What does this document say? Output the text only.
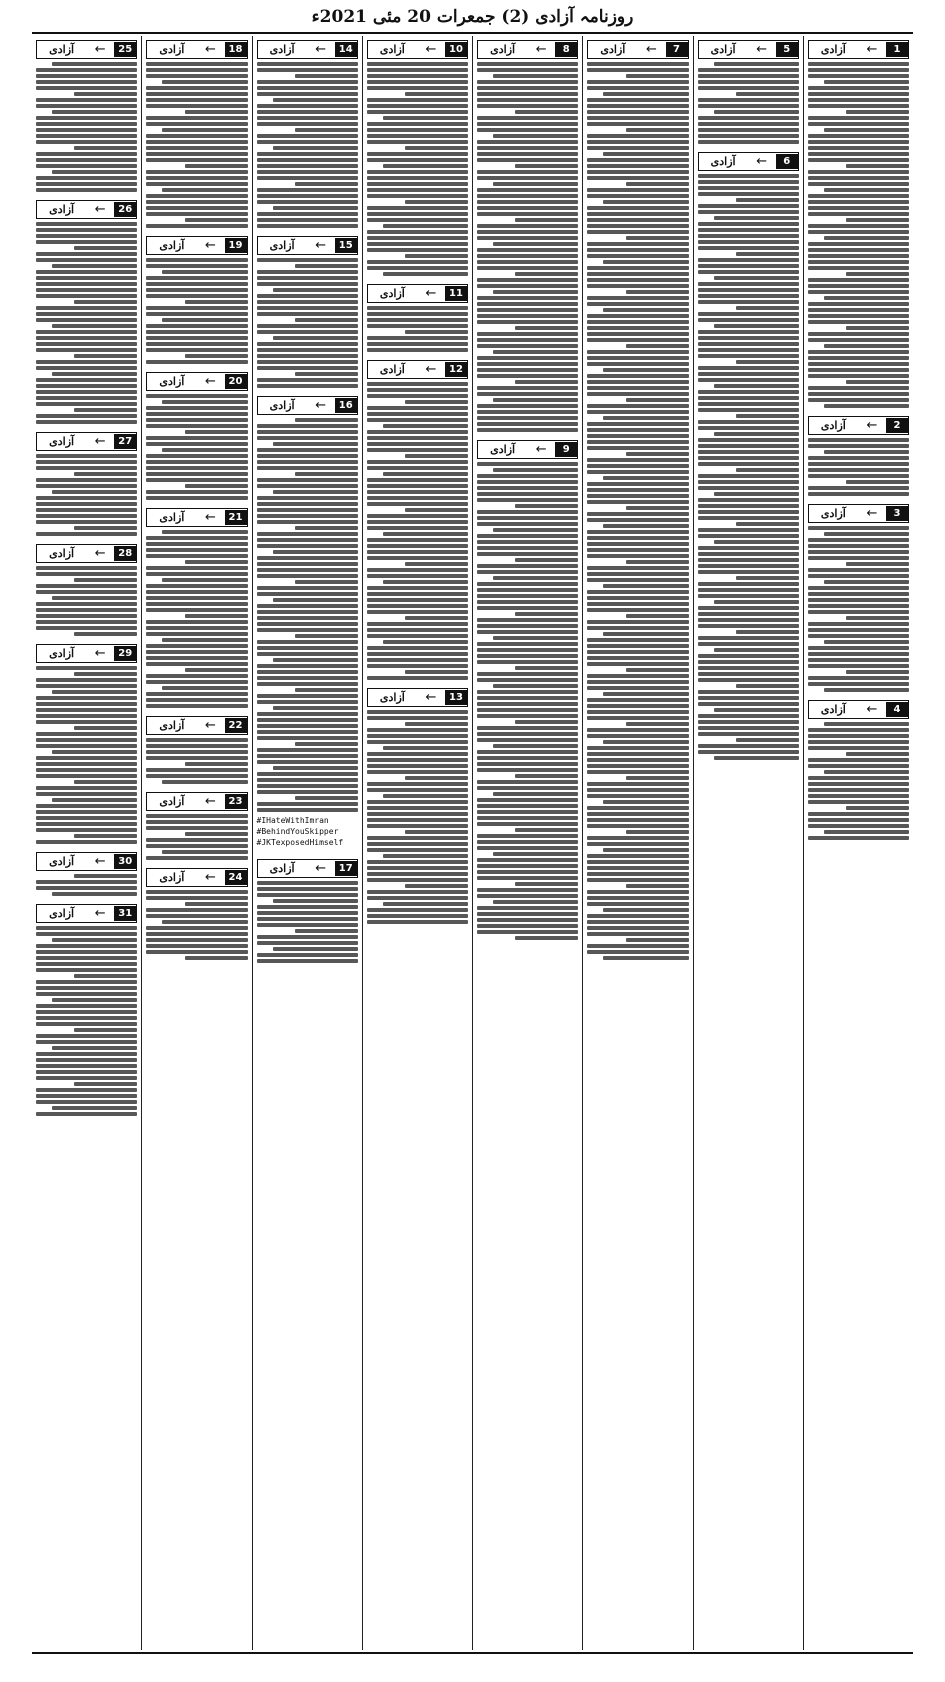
روزنامہ آزادی (2) جمعرات 20 مئی 2021ء
1
←
آزادی
2
←
آزادی
3
←
آزادی
4
←
آزادی
5
←
آزادی
6
←
آزادی
7
←
آزادی
8
←
آزادی
9
←
آزادی
10
←
آزادی
11
←
آزادی
12
←
آزادی
13
←
آزادی
14
←
آزادی
15
←
آزادی
16
←
آزادی
#IHateWithImran
#BehindYouSkipper
#JKTexposedHimself
17
←
آزادی
18
←
آزادی
19
←
آزادی
20
←
آزادی
21
←
آزادی
22
←
آزادی
23
←
آزادی
24
←
آزادی
25
←
آزادی
26
←
آزادی
27
←
آزادی
28
←
آزادی
29
←
آزادی
30
←
آزادی
31
←
آزادی
